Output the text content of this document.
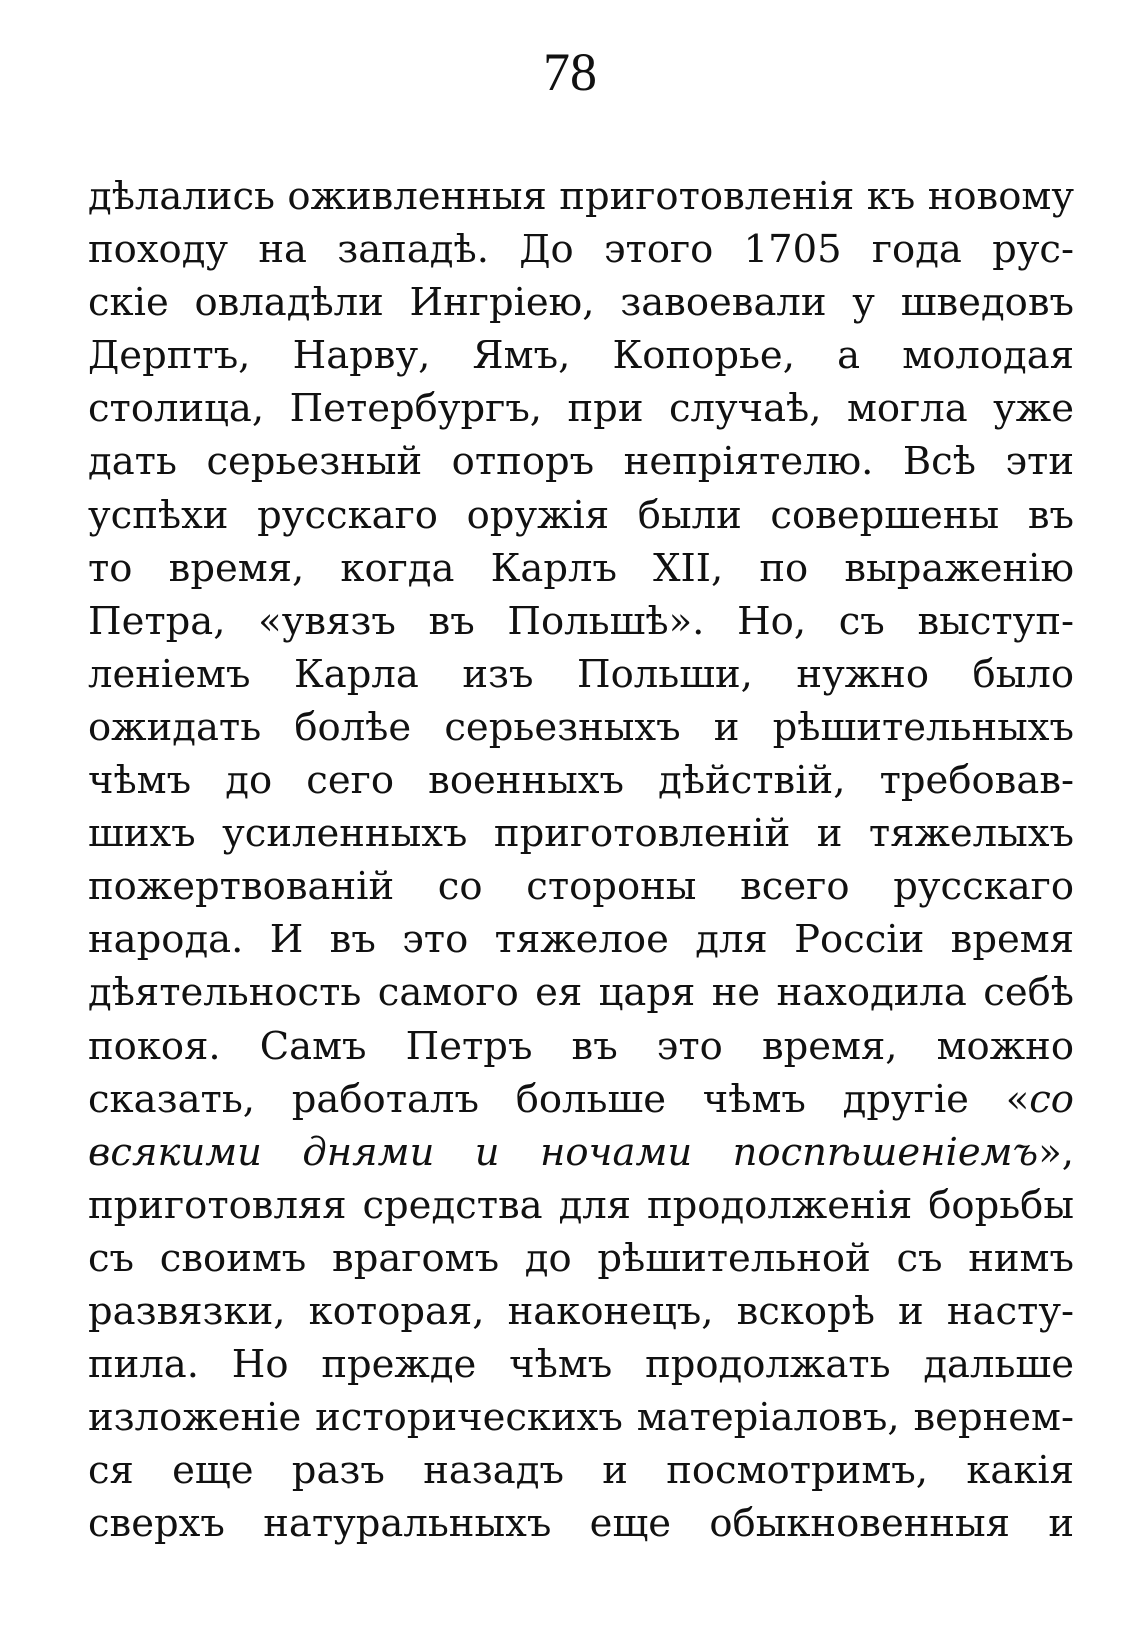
78
дѣлались оживленныя приготовленія къ новому
походу на западѣ. До этого 1705 года рус-
скіе овладѣли Ингріею, завоевали у шведовъ
Дерптъ, Нарву, Ямъ, Копорье, а молодая
столица, Петербургъ, при случаѣ, могла уже
дать серьезный отпоръ непріятелю. Всѣ эти
успѣхи русскаго оружія были совершены въ
то время, когда Карлъ XII, по выраженію
Петра, «увязъ въ Польшѣ». Но, съ выступ-
леніемъ Карла изъ Польши, нужно было
ожидать болѣе серьезныхъ и рѣшительныхъ
чѣмъ до сего военныхъ дѣйствій, требовав-
шихъ усиленныхъ приготовленій и тяжелыхъ
пожертвованій со стороны всего русскаго
народа. И въ это тяжелое для Россіи время
дѣятельность самого ея царя не находила себѣ
покоя. Самъ Петръ въ это время, можно
сказать, работалъ больше чѣмъ другіе «со
всякими днями и ночами поспѣшеніемъ»,
приготовляя средства для продолженія борьбы
съ своимъ врагомъ до рѣшительной съ нимъ
развязки, которая, наконецъ, вскорѣ и насту-
пила. Но прежде чѣмъ продолжать дальше
изложеніе историческихъ матеріаловъ, вернем-
ся еще разъ назадъ и посмотримъ, какія
сверхъ натуральныхъ еще обыкновенныя и
